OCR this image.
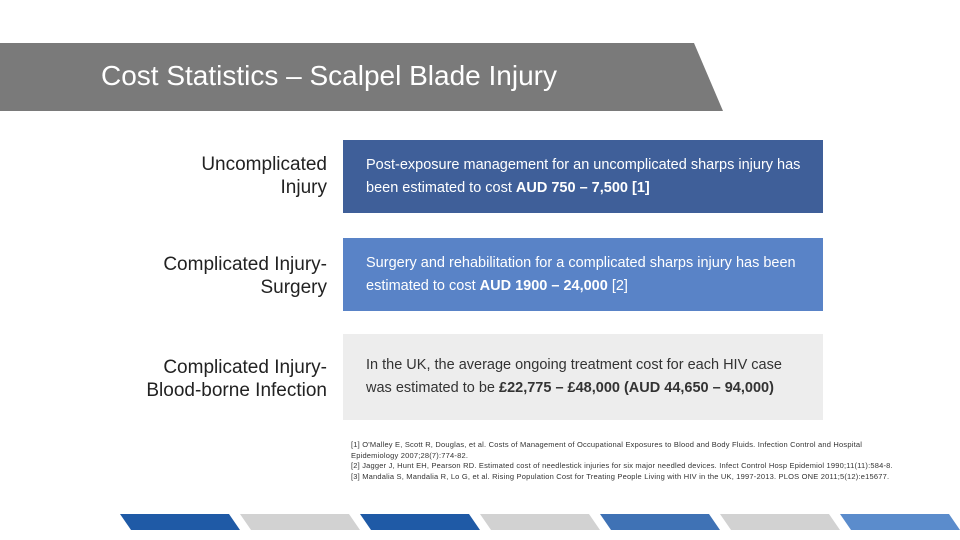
Cost Statistics – Scalpel Blade Injury
Uncomplicated
Injury
Complicated Injury-
Surgery
Complicated Injury-
Blood-borne Infection
Post-exposure management for an uncomplicated sharps injury has been estimated to cost AUD 750 – 7,500 [1]
Surgery and rehabilitation for a complicated sharps injury has been estimated to cost AUD 1900 – 24,000 [2]
In the UK, the average ongoing treatment cost for each HIV case was estimated to be £22,775 – £48,000 (AUD 44,650 – 94,000)
[1] O'Malley E, Scott R, Douglas, et al. Costs of Management of Occupational Exposures to Blood and Body Fluids. Infection Control and Hospital Epidemiology 2007;28(7):774-82.
[2] Jagger J, Hunt EH, Pearson RD. Estimated cost of needlestick injuries for six major needled devices. Infect Control Hosp Epidemiol 1990;11(11):584-8.
[3] Mandalia S, Mandalia R, Lo G, et al. Rising Population Cost for Treating People Living with HIV in the UK, 1997-2013. PLOS ONE 2011;5(12):e15677.
